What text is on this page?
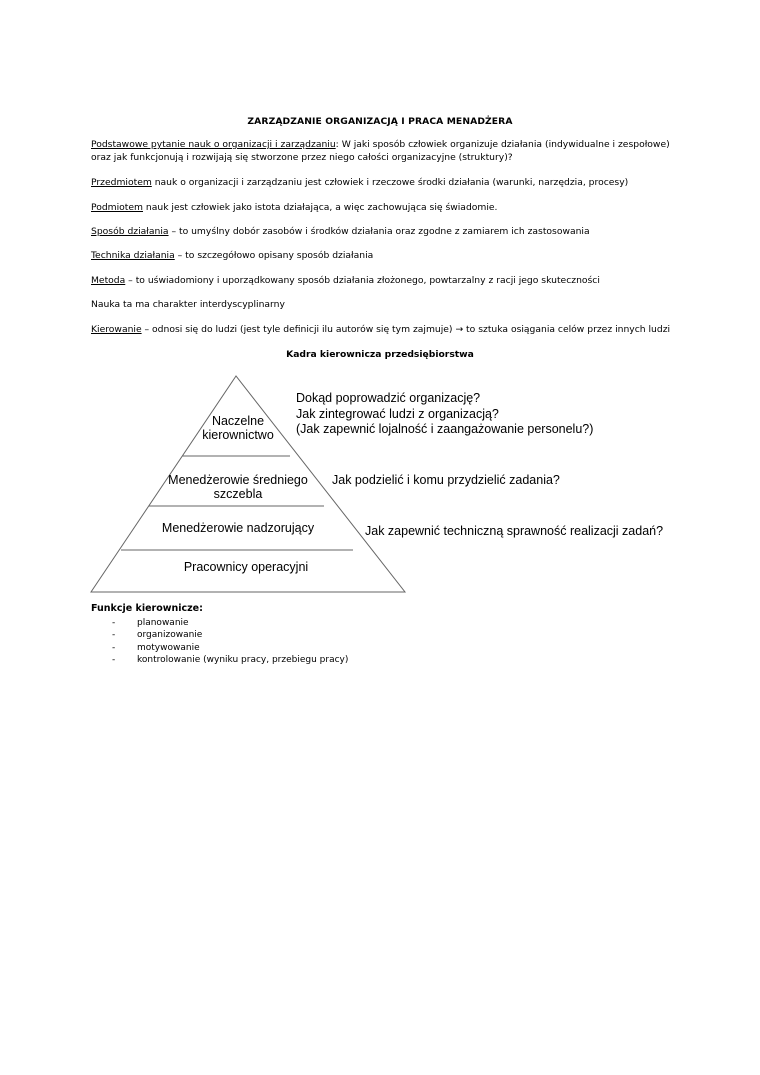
ZARZĄDZANIE ORGANIZACJĄ I PRACA MENADŻERA
Podstawowe pytanie nauk o organizacji i zarządzaniu: W jaki sposób człowiek organizuje działania (indywidualne i zespołowe) oraz jak funkcjonują i rozwijają się stworzone przez niego całości organizacyjne (struktury)?
Przedmiotem nauk o organizacji i zarządzaniu jest człowiek i rzeczowe środki działania (warunki, narzędzia, procesy)
Podmiotem nauk jest człowiek jako istota działająca, a więc zachowująca się świadomie.
Sposób działania – to umyślny dobór zasobów i środków działania oraz zgodne z zamiarem ich zastosowania
Technika działania – to szczegółowo opisany sposób działania
Metoda – to uświadomiony i uporządkowany sposób działania złożonego, powtarzalny z racji jego skuteczności
Nauka ta ma charakter interdyscyplinarny
Kierowanie – odnosi się do ludzi (jest tyle definicji ilu autorów się tym zajmuje) → to sztuka osiągania celów przez innych ludzi
Kadra kierownicza przedsiębiorstwa
Naczelne
kierownictwo
Menedżerowie średniego
szczebla
Menedżerowie nadzorujący
Pracownicy operacyjni
Dokąd poprowadzić organizację?
Jak zintegrować ludzi z organizacją?
(Jak zapewnić lojalność i zaangażowanie personelu?)
Jak podzielić i komu przydzielić zadania?
Jak zapewnić techniczną sprawność realizacji zadań?
Funkcje kierownicze:
-	planowanie
-	organizowanie
-	motywowanie
-	kontrolowanie (wyniku pracy, przebiegu pracy)
